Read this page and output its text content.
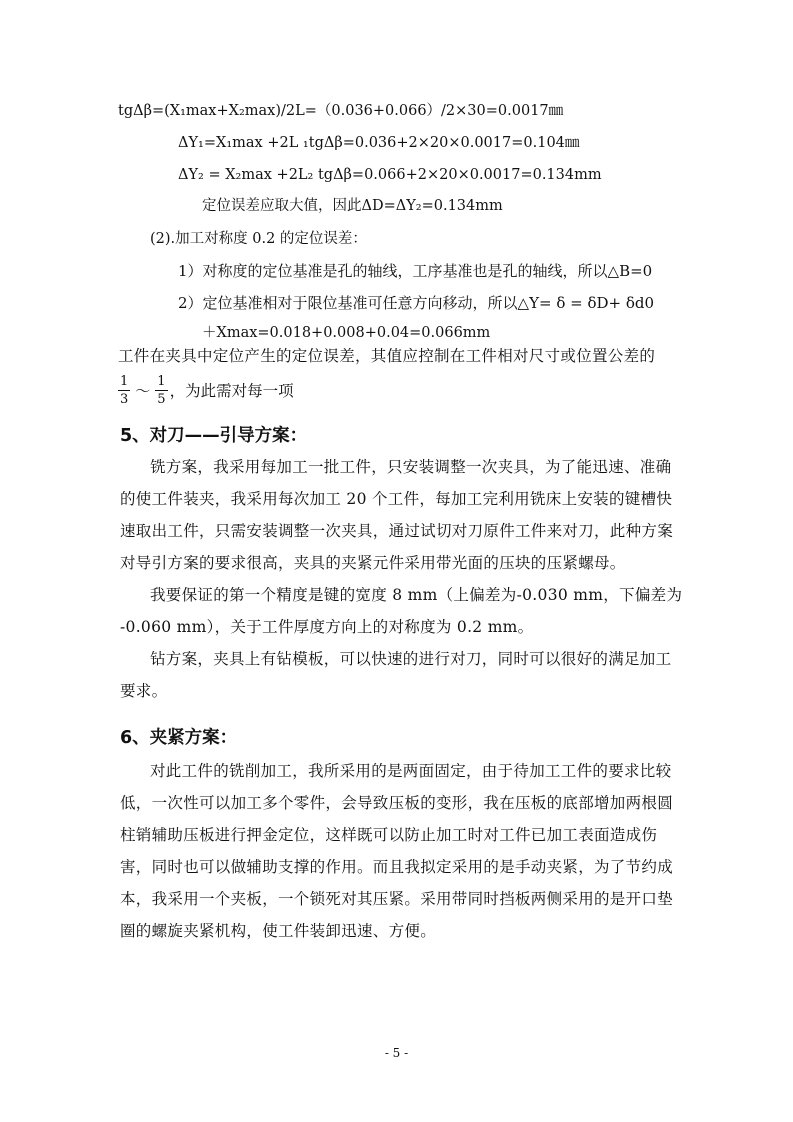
tgΔβ=(X₁max+X₂max)/2L=（0.036+0.066）/2×30=0.0017㎜
ΔY₁=X₁max +2L ₁tgΔβ=0.036+2×20×0.0017=0.104㎜
ΔY₂ = X₂max +2L₂ tgΔβ=0.066+2×20×0.0017=0.134mm
定位误差应取大值，因此ΔD=ΔY₂=0.134mm
(2).加工对称度 0.2 的定位误差：
1）对称度的定位基准是孔的轴线，工序基准也是孔的轴线，所以△B=0
2）定位基准相对于限位基准可任意方向移动，所以△Y= δ = δD+ δd0
＋Xmax=0.018+0.008+0.04=0.066mm
工件在夹具中定位产生的定位误差，其值应控制在工件相对尺寸或位置公差的
$\frac{1}{3}$ ～ $\frac{1}{5}$ ，为此需对每一项
5、对刀——引导方案：
铣方案，我采用每加工一批工件，只安装调整一次夹具，为了能迅速、准确
的使工件装夹，我采用每次加工 20 个工件，每加工完利用铣床上安装的键槽快
速取出工件，只需安装调整一次夹具，通过试切对刀原件工件来对刀，此种方案
对导引方案的要求很高，夹具的夹紧元件采用带光面的压块的压紧螺母。
我要保证的第一个精度是键的宽度 8 mm（上偏差为-0.030 mm，下偏差为
-0.060 mm），关于工件厚度方向上的对称度为 0.2 mm。
钻方案，夹具上有钻模板，可以快速的进行对刀，同时可以很好的满足加工
要求。
6、夹紧方案：
对此工件的铣削加工，我所采用的是两面固定，由于待加工工件的要求比较
低，一次性可以加工多个零件，会导致压板的变形，我在压板的底部增加两根圆
柱销辅助压板进行押金定位，这样既可以防止加工时对工件已加工表面造成伤
害，同时也可以做辅助支撑的作用。而且我拟定采用的是手动夹紧，为了节约成
本，我采用一个夹板，一个锁死对其压紧。采用带同时挡板两侧采用的是开口垫
圈的螺旋夹紧机构，使工件装卸迅速、方便。
- 5 -
